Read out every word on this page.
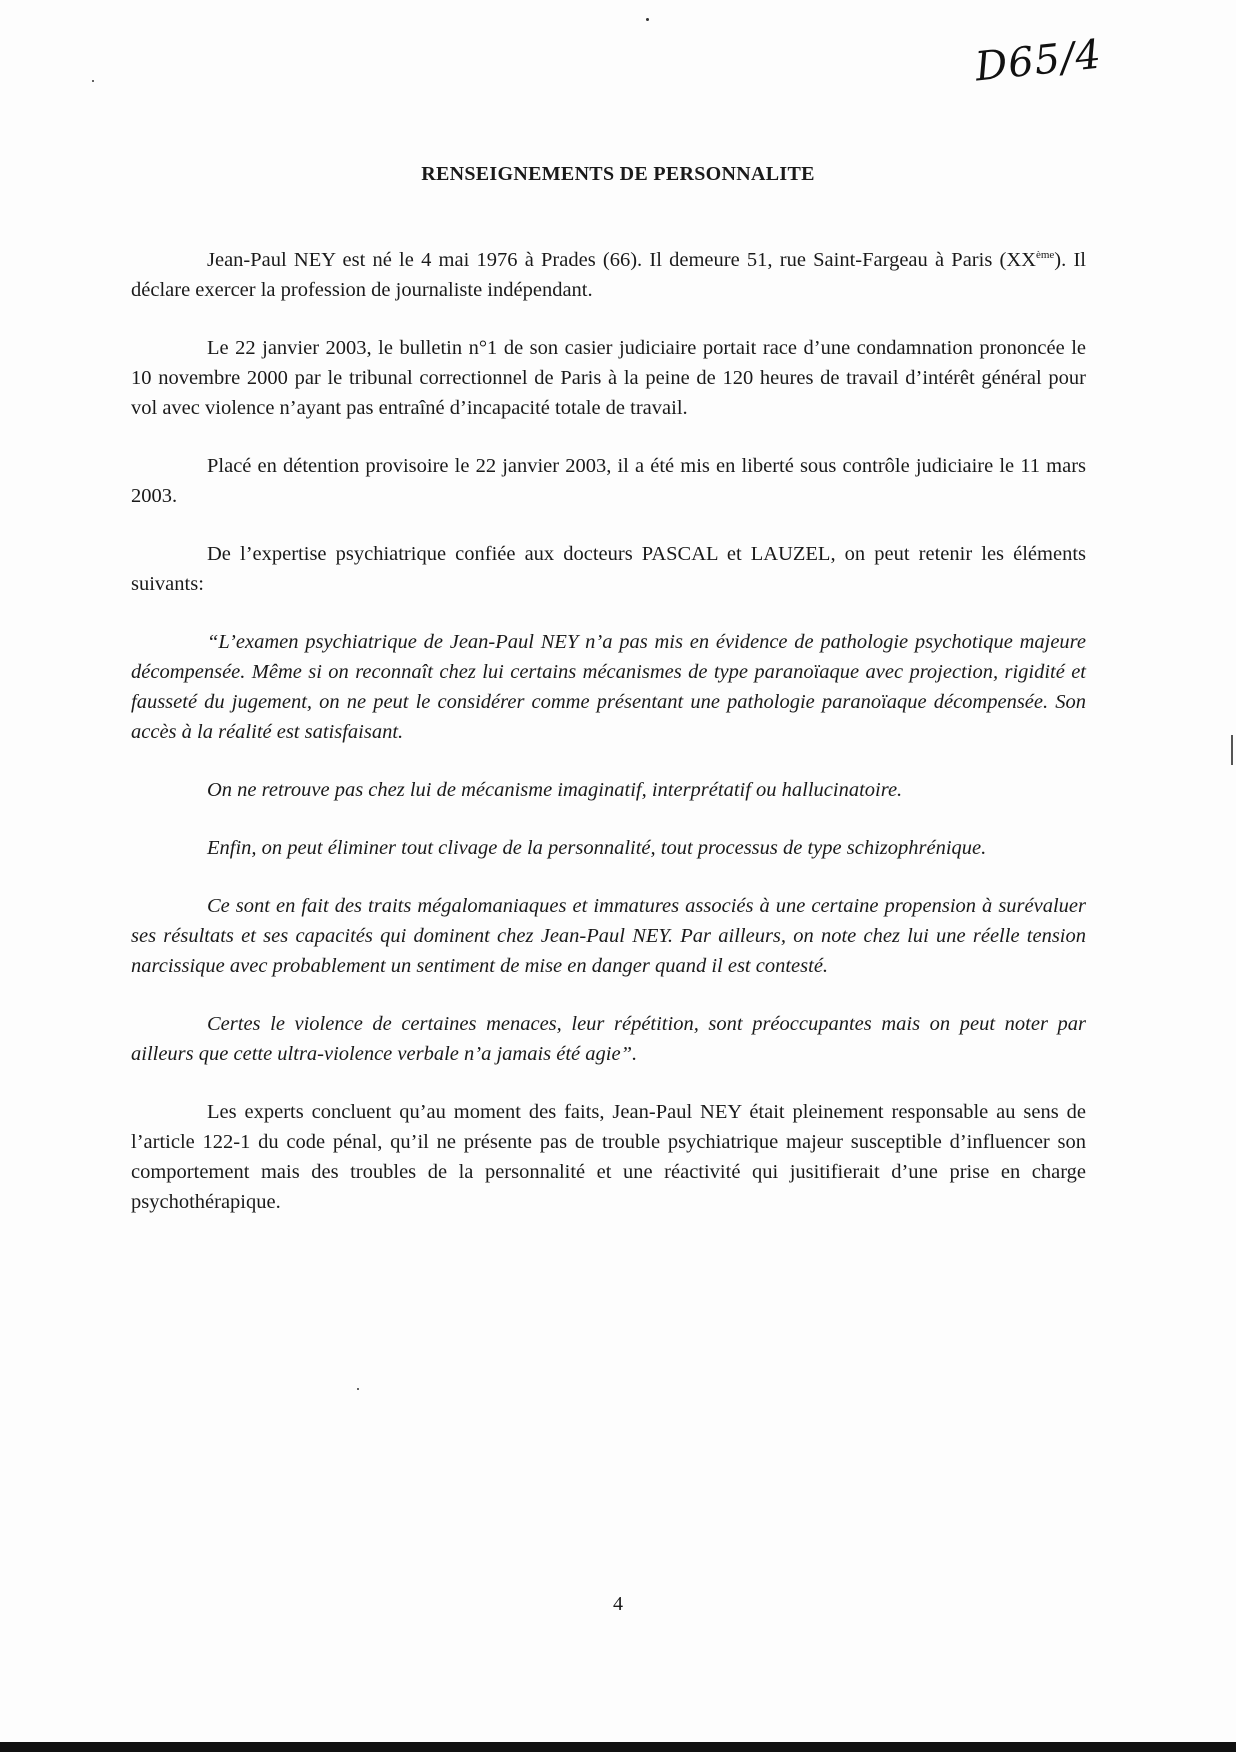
D65/4
RENSEIGNEMENTS DE PERSONNALITE

Jean-Paul NEY est né le 4 mai 1976 à Prades (66). Il demeure 51, rue Saint-Fargeau à Paris (XXème). Il déclare exercer la profession de journaliste indépendant.

Le 22 janvier 2003, le bulletin n°1 de son casier judiciaire portait race d’une condamnation prononcée le 10 novembre 2000 par le tribunal correctionnel de Paris à la peine de 120 heures de travail d’intérêt général pour vol avec violence n’ayant pas entraîné d’incapacité totale de travail.

Placé en détention provisoire le 22 janvier 2003, il a été mis en liberté sous contrôle judiciaire le 11 mars 2003.

De l’expertise psychiatrique confiée aux docteurs PASCAL et LAUZEL, on peut retenir les éléments suivants:

“L’examen psychiatrique de Jean-Paul NEY n’a pas mis en évidence de pathologie psychotique majeure décompensée. Même si on reconnaît chez lui certains mécanismes de type paranoïaque avec projection, rigidité et fausseté du jugement, on ne peut le considérer comme présentant une pathologie paranoïaque décompensée. Son accès à la réalité est satisfaisant.

On ne retrouve pas chez lui de mécanisme imaginatif, interprétatif ou hallucinatoire.

Enfin, on peut éliminer tout clivage de la personnalité, tout processus de type schizophrénique.

Ce sont en fait des traits mégalomaniaques et immatures associés à une certaine propension à surévaluer ses résultats et ses capacités qui dominent chez Jean-Paul NEY. Par ailleurs, on note chez lui une réelle tension narcissique avec probablement un sentiment de mise en danger quand il est contesté.

Certes le violence de certaines menaces, leur répétition, sont préoccupantes mais on peut noter par ailleurs que cette ultra-violence verbale n’a jamais été agie”.

Les experts concluent qu’au moment des faits, Jean-Paul NEY était pleinement responsable au sens de l’article 122-1 du code pénal, qu’il ne présente pas de trouble psychiatrique majeur susceptible d’influencer son comportement mais des troubles de la personnalité et une réactivité qui jusitifierait d’une prise en charge psychothérapique.

4
